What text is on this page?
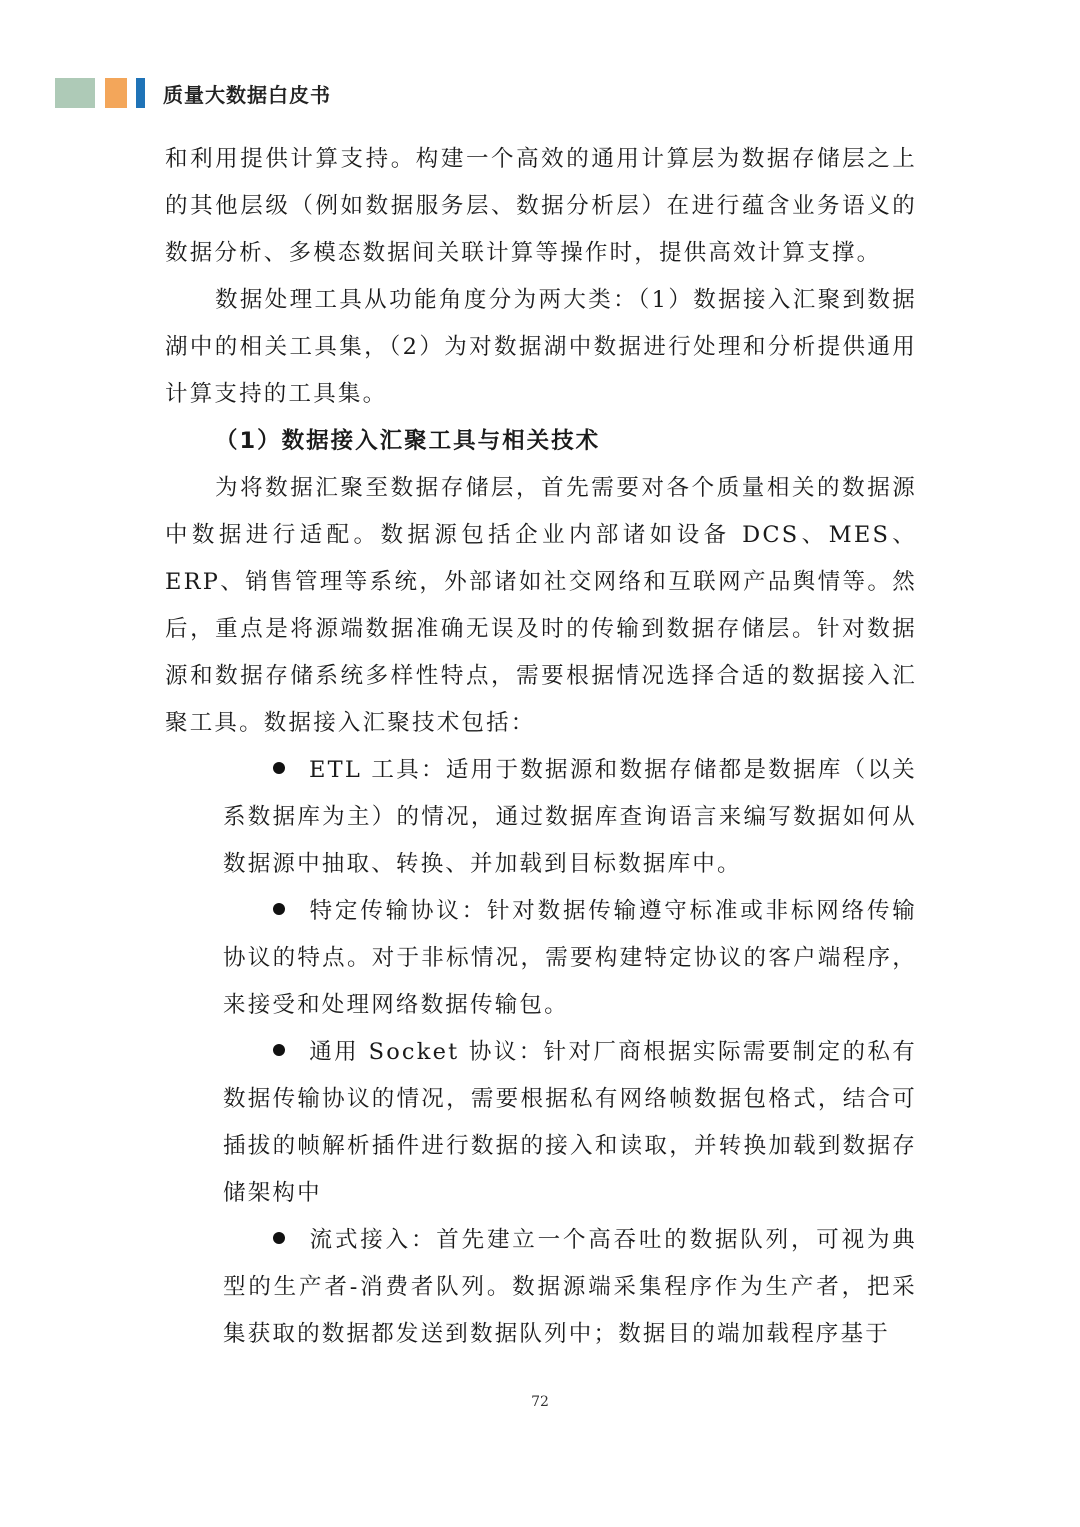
质量大数据白皮书

和利用提供计算支持。构建一个高效的通用计算层为数据存储层之上的其他层级（例如数据服务层、数据分析层）在进行蕴含业务语义的数据分析、多模态数据间关联计算等操作时，提供高效计算支撑。

数据处理工具从功能角度分为两大类：（1）数据接入汇聚到数据湖中的相关工具集，（2）为对数据湖中数据进行处理和分析提供通用计算支持的工具集。

（1）数据接入汇聚工具与相关技术

为将数据汇聚至数据存储层，首先需要对各个质量相关的数据源中数据进行适配。数据源包括企业内部诸如设备 DCS、MES、ERP、销售管理等系统，外部诸如社交网络和互联网产品舆情等。然后，重点是将源端数据准确无误及时的传输到数据存储层。针对数据源和数据存储系统多样性特点，需要根据情况选择合适的数据接入汇聚工具。数据接入汇聚技术包括：

ETL 工具：适用于数据源和数据存储都是数据库（以关系数据库为主）的情况，通过数据库查询语言来编写数据如何从数据源中抽取、转换、并加载到目标数据库中。

特定传输协议：针对数据传输遵守标准或非标网络传输协议的特点。对于非标情况，需要构建特定协议的客户端程序，来接受和处理网络数据传输包。

通用 Socket 协议：针对厂商根据实际需要制定的私有数据传输协议的情况，需要根据私有网络帧数据包格式，结合可插拔的帧解析插件进行数据的接入和读取，并转换加载到数据存储架构中

流式接入：首先建立一个高吞吐的数据队列，可视为典型的生产者-消费者队列。数据源端采集程序作为生产者，把采集获取的数据都发送到数据队列中；数据目的端加载程序基于

72
